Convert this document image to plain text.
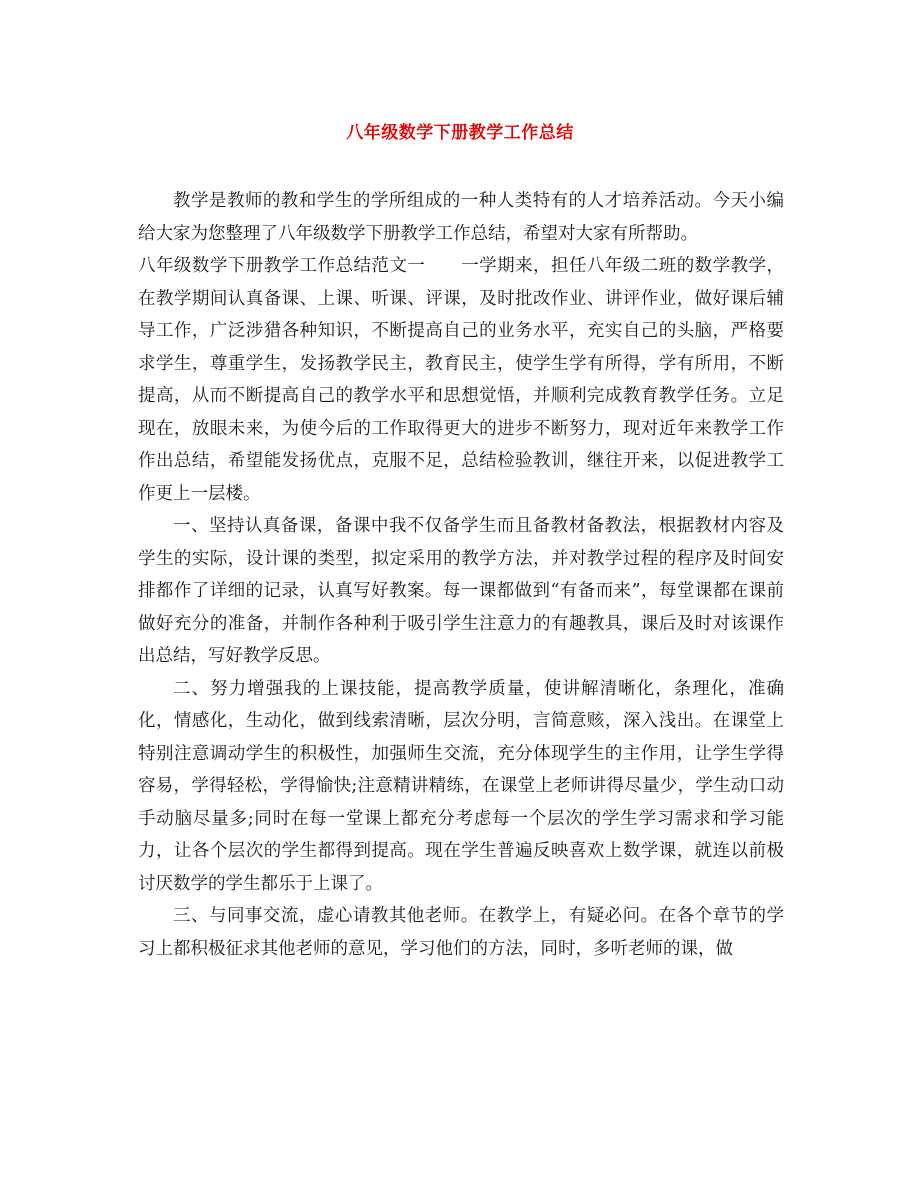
八年级数学下册教学工作总结

教学是教师的教和学生的学所组成的一种人类特有的人才培养活动。今天小编给大家为您整理了八年级数学下册教学工作总结，希望对大家有所帮助。

八年级数学下册教学工作总结范文一　　一学期来，担任八年级二班的数学教学，在教学期间认真备课、上课、听课、评课，及时批改作业、讲评作业，做好课后辅导工作，广泛涉猎各种知识，不断提高自己的业务水平，充实自己的头脑，严格要求学生，尊重学生，发扬教学民主，教育民主，使学生学有所得，学有所用，不断提高，从而不断提高自己的教学水平和思想觉悟，并顺利完成教育教学任务。立足现在，放眼未来，为使今后的工作取得更大的进步不断努力，现对近年来教学工作作出总结，希望能发扬优点，克服不足，总结检验教训，继往开来，以促进教学工作更上一层楼。

一、坚持认真备课，备课中我不仅备学生而且备教材备教法，根据教材内容及学生的实际，设计课的类型，拟定采用的教学方法，并对教学过程的程序及时间安排都作了详细的记录，认真写好教案。每一课都做到“有备而来”，每堂课都在课前做好充分的准备，并制作各种利于吸引学生注意力的有趣教具，课后及时对该课作出总结，写好教学反思。

二、努力增强我的上课技能，提高教学质量，使讲解清晰化，条理化，准确化，情感化，生动化，做到线索清晰，层次分明，言简意赅，深入浅出。在课堂上特别注意调动学生的积极性，加强师生交流，充分体现学生的主作用，让学生学得容易，学得轻松，学得愉快;注意精讲精练，在课堂上老师讲得尽量少，学生动口动手动脑尽量多;同时在每一堂课上都充分考虑每一个层次的学生学习需求和学习能力，让各个层次的学生都得到提高。现在学生普遍反映喜欢上数学课，就连以前极讨厌数学的学生都乐于上课了。

三、与同事交流，虚心请教其他老师。在教学上，有疑必问。在各个章节的学习上都积极征求其他老师的意见，学习他们的方法，同时，多听老师的课，做
